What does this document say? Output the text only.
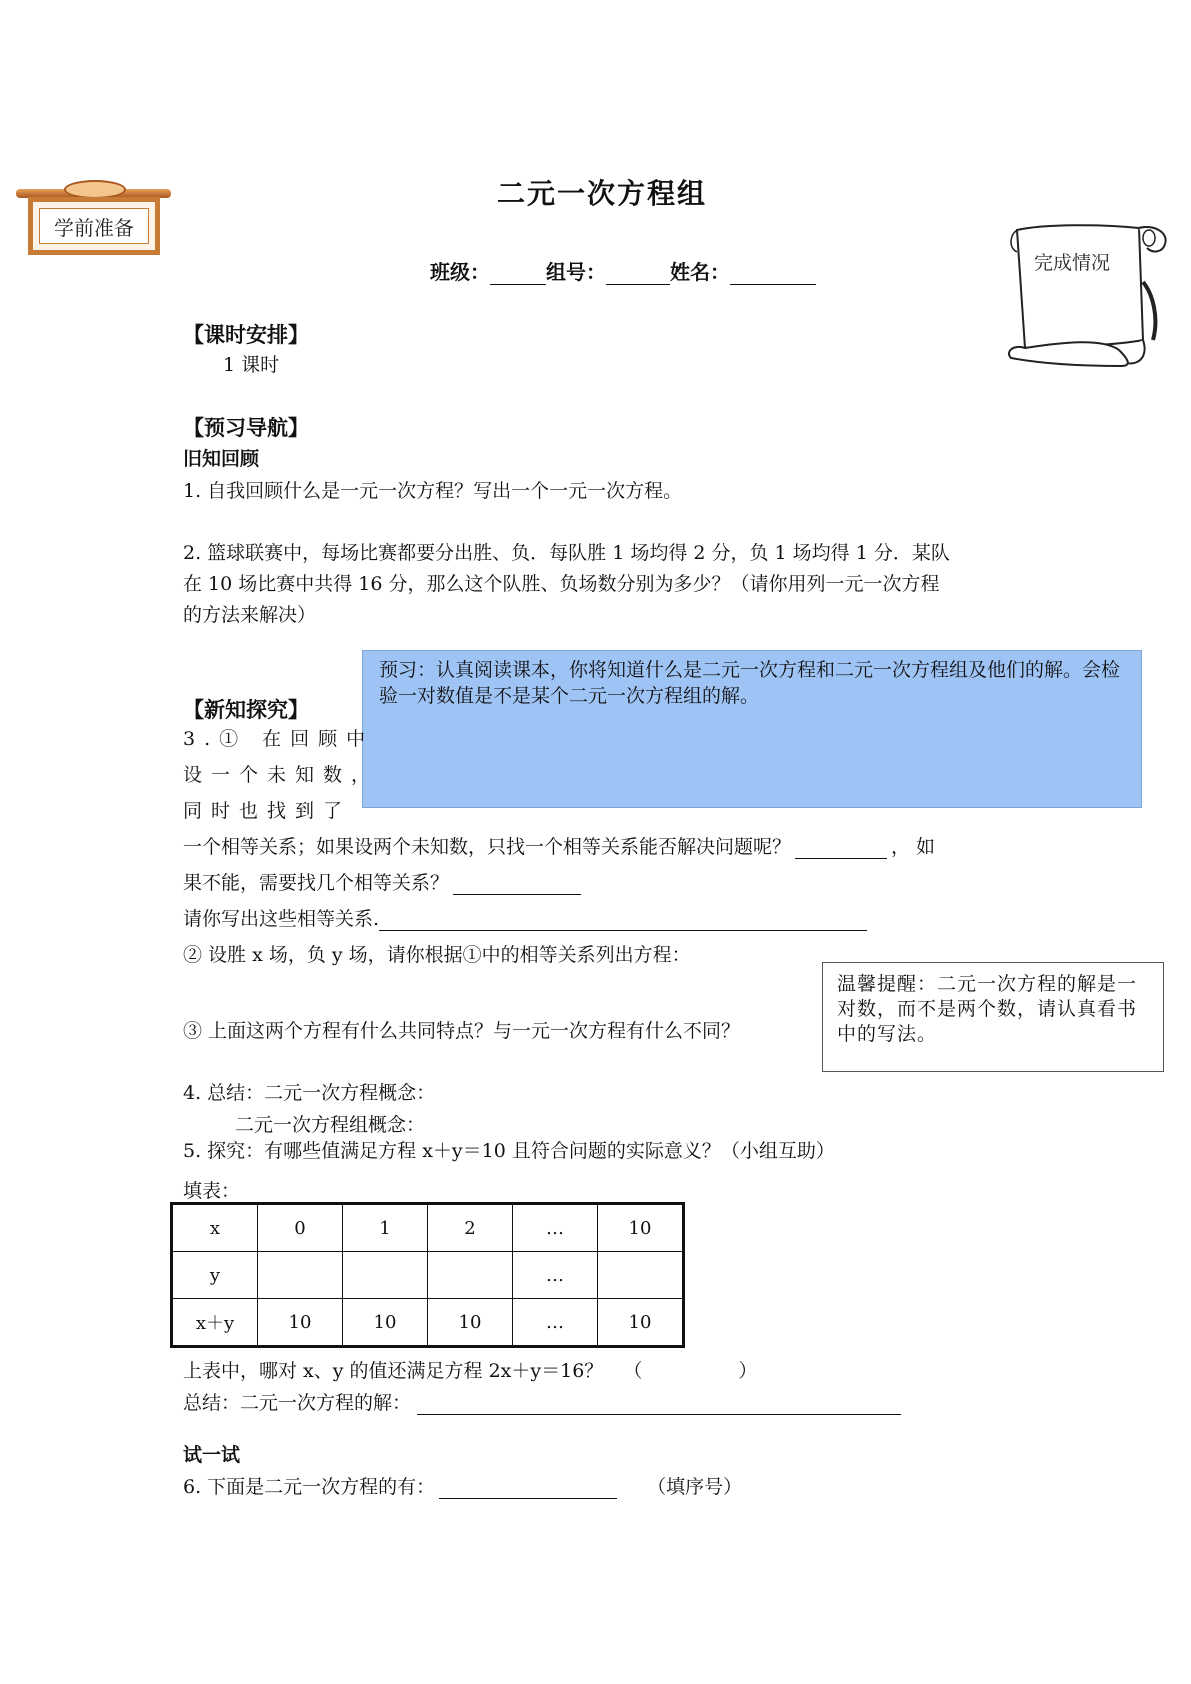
学前准备
完成情况
二元一次方程组
班级：	组号：	姓名：
【课时安排】
1 课时
【预习导航】
旧知回顾
1. 自我回顾什么是一元一次方程？写出一个一元一次方程。
2. 篮球联赛中，每场比赛都要分出胜、负．每队胜 1 场均得 2 分，负 1 场均得 1 分．某队
在 10 场比赛中共得 16 分，那么这个队胜、负场数分别为多少？（请你用列一元一次方程
的方法来解决）
预习：认真阅读课本，你将知道什么是二元一次方程和二元一次方程组及他们的解。会检验一对数值是不是某个二元一次方程组的解。
【新知探究】
3.① 在回顾中
设一个未知数，
同时也找到了
一个相等关系；如果设两个未知数，只找一个相等关系能否解决问题呢？	， 如
果不能，需要找几个相等关系？
请你写出这些相等关系.
② 设胜 x 场，负 y 场，请你根据①中的相等关系列出方程：
③ 上面这两个方程有什么共同特点？与一元一次方程有什么不同？
温馨提醒：二元一次方程的解是一对数，而不是两个数，请认真看书中的写法。
4. 总结：二元一次方程概念：
二元一次方程组概念：
5. 探究：有哪些值满足方程 x＋y＝10 且符合问题的实际意义？（小组互助）
填表：
x	0	1	2	…	10
y				…	
x＋y	10	10	10	…	10
上表中，哪对 x、y 的值还满足方程 2x＋y＝16？ （	）
总结：二元一次方程的解：
试一试
6. 下面是二元一次方程的有：	（填序号）
